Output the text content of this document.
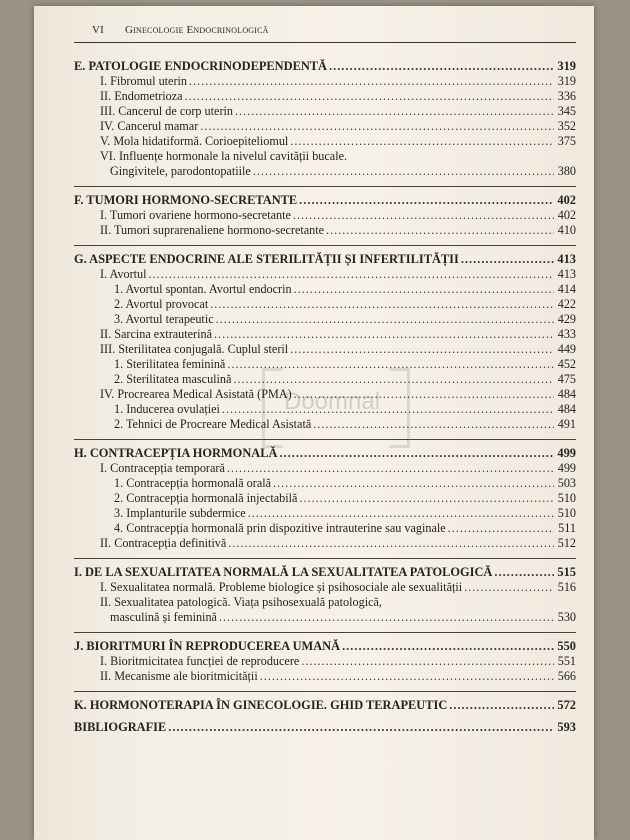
VI Ginecologie Endocrinologică
Doomnal
E. PATOLOGIE ENDOCRINODEPENDENTĂ .....	319
I. Fibromul uterin .....	319
II. Endometrioza .....	336
III. Cancerul de corp uterin .....	345
IV. Cancerul mamar .....	352
V. Mola hidatiformă. Corioepiteliomul .....	375
VI. Influențe hormonale la nivelul cavității bucale.
Gingivitele, parodontopatiile .....	380
F. TUMORI HORMONO-SECRETANTE .....	402
I. Tumori ovariene hormono-secretante .....	402
II. Tumori suprarenaliene hormono-secretante .....	410
G. ASPECTE ENDOCRINE ALE STERILITĂȚII ȘI INFERTILITĂȚII .....	413
I. Avortul .....	413
1. Avortul spontan. Avortul endocrin .....	414
2. Avortul provocat .....	422
3. Avortul terapeutic .....	429
II. Sarcina extrauterină .....	433
III. Sterilitatea conjugală. Cuplul steril .....	449
1. Sterilitatea feminină .....	452
2. Sterilitatea masculină .....	475
IV. Procrearea Medical Asistată (PMA) .....	484
1. Inducerea ovulației .....	484
2. Tehnici de Procreare Medical Asistată .....	491
H. CONTRACEPȚIA HORMONALĂ .....	499
I. Contracepția temporară .....	499
1. Contracepția hormonală orală .....	503
2. Contracepția hormonală injectabilă .....	510
3. Implanturile subdermice .....	510
4. Contracepția hormonală prin dispozitive intrauterine sau vaginale .....	511
II. Contracepția definitivă .....	512
I. DE LA SEXUALITATEA NORMALĂ LA SEXUALITATEA PATOLOGICĂ .....	515
I. Sexualitatea normală. Probleme biologice și psihosociale ale sexualității .....	516
II. Sexualitatea patologică. Viața psihosexuală patologică,
masculină și feminină .....	530
J. BIORITMURI ÎN REPRODUCEREA UMANĂ .....	550
I. Bioritmicitatea funcției de reproducere .....	551
II. Mecanisme ale bioritmicității .....	566
K. HORMONOTERAPIA ÎN GINECOLOGIE. GHID TERAPEUTIC .....	572
BIBLIOGRAFIE .....	593
